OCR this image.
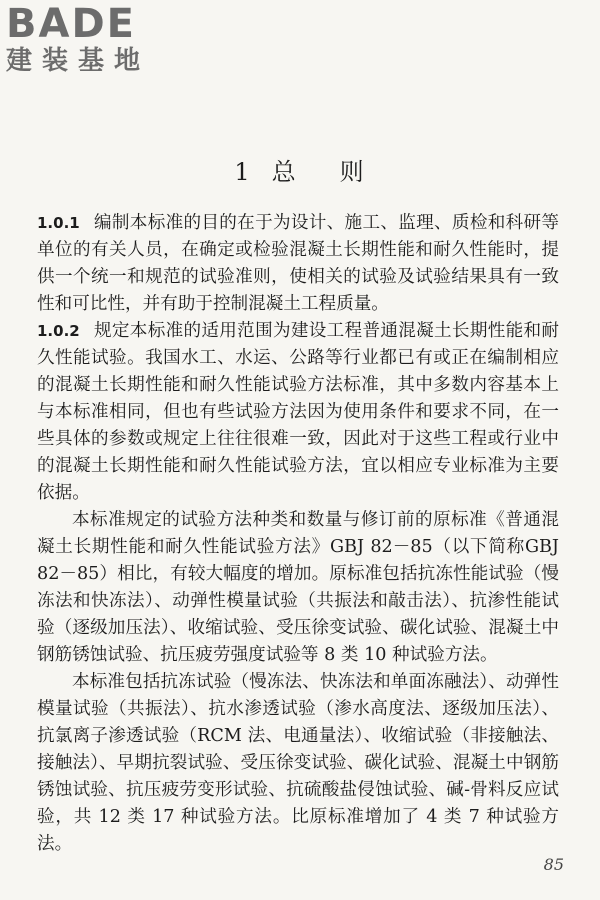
BADE
建装基地
1 总 则

1.0.1 编制本标准的目的在于为设计、施工、监理、质检和科研等单位的有关人员，在确定或检验混凝土长期性能和耐久性能时，提供一个统一和规范的试验准则，使相关的试验及试验结果具有一致性和可比性，并有助于控制混凝土工程质量。

1.0.2 规定本标准的适用范围为建设工程普通混凝土长期性能和耐久性能试验。我国水工、水运、公路等行业都已有或正在编制相应的混凝土长期性能和耐久性能试验方法标准，其中多数内容基本上与本标准相同，但也有些试验方法因为使用条件和要求不同，在一些具体的参数或规定上往往很难一致，因此对于这些工程或行业中的混凝土长期性能和耐久性能试验方法，宜以相应专业标准为主要依据。

本标准规定的试验方法种类和数量与修订前的原标准《普通混凝土长期性能和耐久性能试验方法》GBJ 82－85（以下简称GBJ 82－85）相比，有较大幅度的增加。原标准包括抗冻性能试验（慢冻法和快冻法）、动弹性模量试验（共振法和敲击法）、抗渗性能试验（逐级加压法）、收缩试验、受压徐变试验、碳化试验、混凝土中钢筋锈蚀试验、抗压疲劳强度试验等 8 类 10 种试验方法。

本标准包括抗冻试验（慢冻法、快冻法和单面冻融法）、动弹性模量试验（共振法）、抗水渗透试验（渗水高度法、逐级加压法）、抗氯离子渗透试验（RCM 法、电通量法）、收缩试验（非接触法、接触法）、早期抗裂试验、受压徐变试验、碳化试验、混凝土中钢筋锈蚀试验、抗压疲劳变形试验、抗硫酸盐侵蚀试验、碱-骨料反应试验，共 12 类 17 种试验方法。比原标准增加了 4 类 7 种试验方法。

85
